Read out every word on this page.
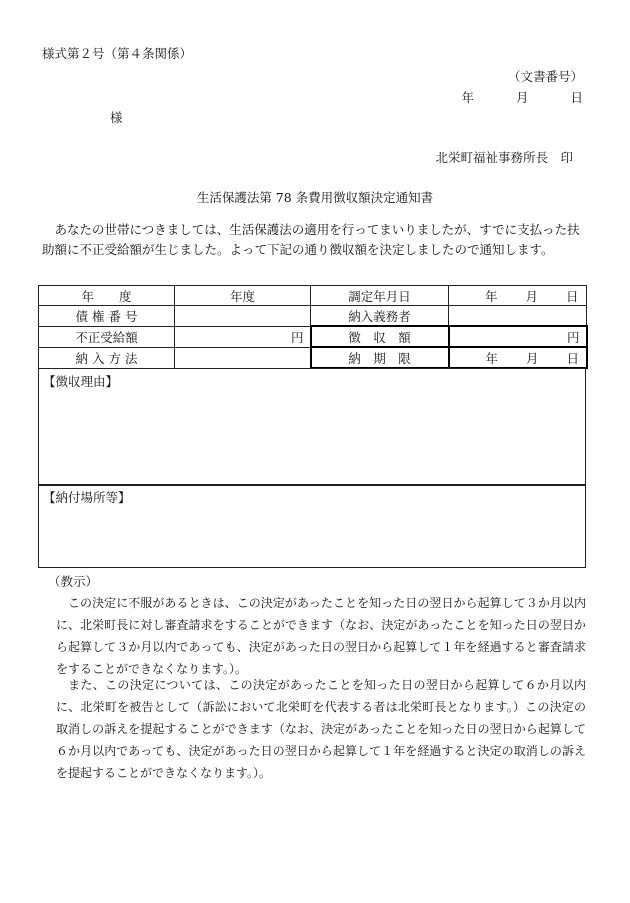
様式第２号（第４条関係）
（文書番号）
年	月	日
様
北栄町福祉事務所長　印
生活保護法第 78 条費用徴収額決定通知書
あなたの世帯につきましては、生活保護法の適用を行ってまいりましたが、すでに支払った扶助額に不正受給額が生じました。よって下記の通り徴収額を決定しましたので通知します。
年　　度	年度	調定年月日	年 月 日
債 権 番 号		納入義務者	
不正受給額	円	徴　収　額	円
納 入 方 法		納　期　限	年 月 日
【徴収理由】
【納付場所等】
（教示）
この決定に不服があるときは、この決定があったことを知った日の翌日から起算して３か月以内に、北栄町長に対し審査請求をすることができます（なお、決定があったことを知った日の翌日から起算して３か月以内であっても、決定があった日の翌日から起算して１年を経過すると審査請求をすることができなくなります。）。
また、この決定については、この決定があったことを知った日の翌日から起算して６か月以内に、北栄町を被告として（訴訟において北栄町を代表する者は北栄町長となります。）この決定の取消しの訴えを提起することができます（なお、決定があったことを知った日の翌日から起算して６か月以内であっても、決定があった日の翌日から起算して１年を経過すると決定の取消しの訴えを提起することができなくなります。）。
